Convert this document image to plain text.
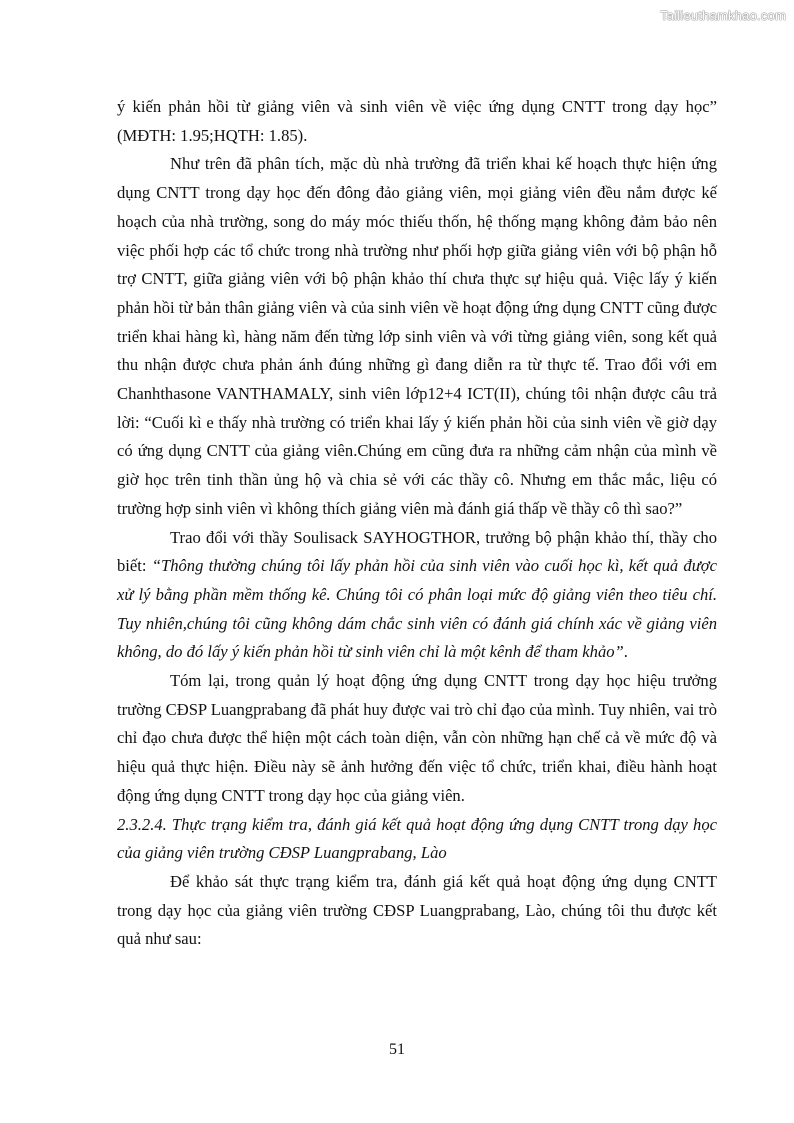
Tailieuthamkhao.com

ý kiến phản hồi từ giảng viên và sinh viên về việc ứng dụng CNTT trong dạy học” (MĐTH: 1.95;HQTH: 1.85).

Như trên đã phân tích, mặc dù nhà trường đã triển khai kế hoạch thực hiện ứng dụng CNTT trong dạy học đến đông đảo giảng viên, mọi giảng viên đều nắm được kế hoạch của nhà trường, song do máy móc thiếu thốn, hệ thống mạng không đảm bảo nên việc phối hợp các tổ chức trong nhà trường như phối hợp giữa giảng viên với bộ phận hỗ trợ CNTT, giữa giảng viên với bộ phận khảo thí chưa thực sự hiệu quả. Việc lấy ý kiến phản hồi từ bản thân giảng viên và của sinh viên về hoạt động ứng dụng CNTT cũng được triển khai hàng kì, hàng năm đến từng lớp sinh viên và với từng giảng viên, song kết quả thu nhận được chưa phản ánh đúng những gì đang diễn ra từ thực tế. Trao đổi với em Chanhthasone VANTHAMALY, sinh viên lớp12+4 ICT(II), chúng tôi nhận được câu trả lời: “Cuối kì e thấy nhà trường có triển khai lấy ý kiến phản hồi của sinh viên về giờ dạy có ứng dụng CNTT của giảng viên.Chúng em cũng đưa ra những cảm nhận của mình về giờ học trên tinh thần ủng hộ và chia sẻ với các thầy cô. Nhưng em thắc mắc, liệu có trường hợp sinh viên vì không thích giảng viên mà đánh giá thấp về thầy cô thì sao?”

Trao đổi với thầy Soulisack SAYHOGTHOR, trưởng bộ phận khảo thí, thầy cho biết: “Thông thường chúng tôi lấy phản hồi của sinh viên vào cuối học kì, kết quả được xử lý bằng phần mềm thống kê. Chúng tôi có phân loại mức độ giảng viên theo tiêu chí. Tuy nhiên,chúng tôi cũng không dám chắc sinh viên có đánh giá chính xác về giảng viên không, do đó lấy ý kiến phản hồi từ sinh viên chỉ là một kênh để tham khảo”.

Tóm lại, trong quản lý hoạt động ứng dụng CNTT trong dạy học hiệu trưởng trường CĐSP Luangprabang đã phát huy được vai trò chỉ đạo của mình. Tuy nhiên, vai trò chỉ đạo chưa được thể hiện một cách toàn diện, vẫn còn những hạn chế cả về mức độ và hiệu quả thực hiện. Điều này sẽ ảnh hưởng đến việc tổ chức, triển khai, điều hành hoạt động ứng dụng CNTT trong dạy học của giảng viên.

2.3.2.4. Thực trạng kiểm tra, đánh giá kết quả hoạt động ứng dụng CNTT trong dạy học của giảng viên trường CĐSP Luangprabang, Lào

Để khảo sát thực trạng kiểm tra, đánh giá kết quả hoạt động ứng dụng CNTT trong dạy học của giảng viên trường CĐSP Luangprabang, Lào, chúng tôi thu được kết quả như sau:

51
